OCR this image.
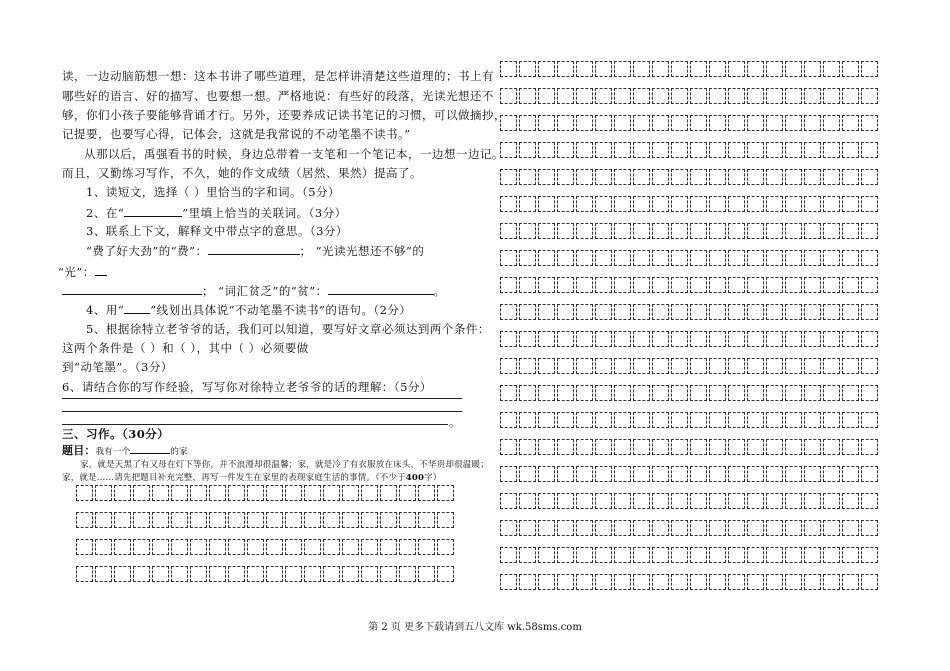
读，一边动脑筋想一想：这本书讲了哪些道理，是怎样讲清楚这些道理的；书上有
哪些好的语言、好的描写、也要想一想。严格地说：有些好的段落，光读光想还不
够，你们小孩子要能够背诵才行。另外，还要养成记读书笔记的习惯，可以做摘抄，
记提要，也要写心得，记体会，这就是我常说的不动笔墨不读书。”
从那以后，禹强看书的时候，身边总带着一支笔和一个笔记本，一边想一边记。
而且，又勤练习写作，不久，她的作文成绩（居然、果然）提高了。
1、读短文，选择（ ）里恰当的字和词。（5分）
2、在“	”里填上恰当的关联词。（3分）
3、联系上下文，解释文中带点字的意思。（3分）
“费了好大劲”的“费”：	； “光读光想还不够”的
“光”：
； “词汇贫乏”的“贫”：	。
4、用“ ”线划出具体说“不动笔墨不读书”的语句。（2分）
5、根据徐特立老爷爷的话，我们可以知道，要写好文章必须达到两个条件：
这两个条件是（ ）和（ ），其中（ ）必须要做
到“动笔墨”。（3分）
6、请结合你的写作经验，写写你对徐特立老爷爷的话的理解：（5分）
。
三、习作。（30分）
题目：我有一个	的家
家，就是天黑了有又母在灯下等你，并不浪漫却很温馨；家，就是冷了有衣服放在床头，不华贵却很温暖；
家，就是……请先把题目补充完整，再写一件发生在家里的表现家庭生活的事情。（不少于400字）
第 2 页 更多下载请到五八文库 wk.58sms.com
